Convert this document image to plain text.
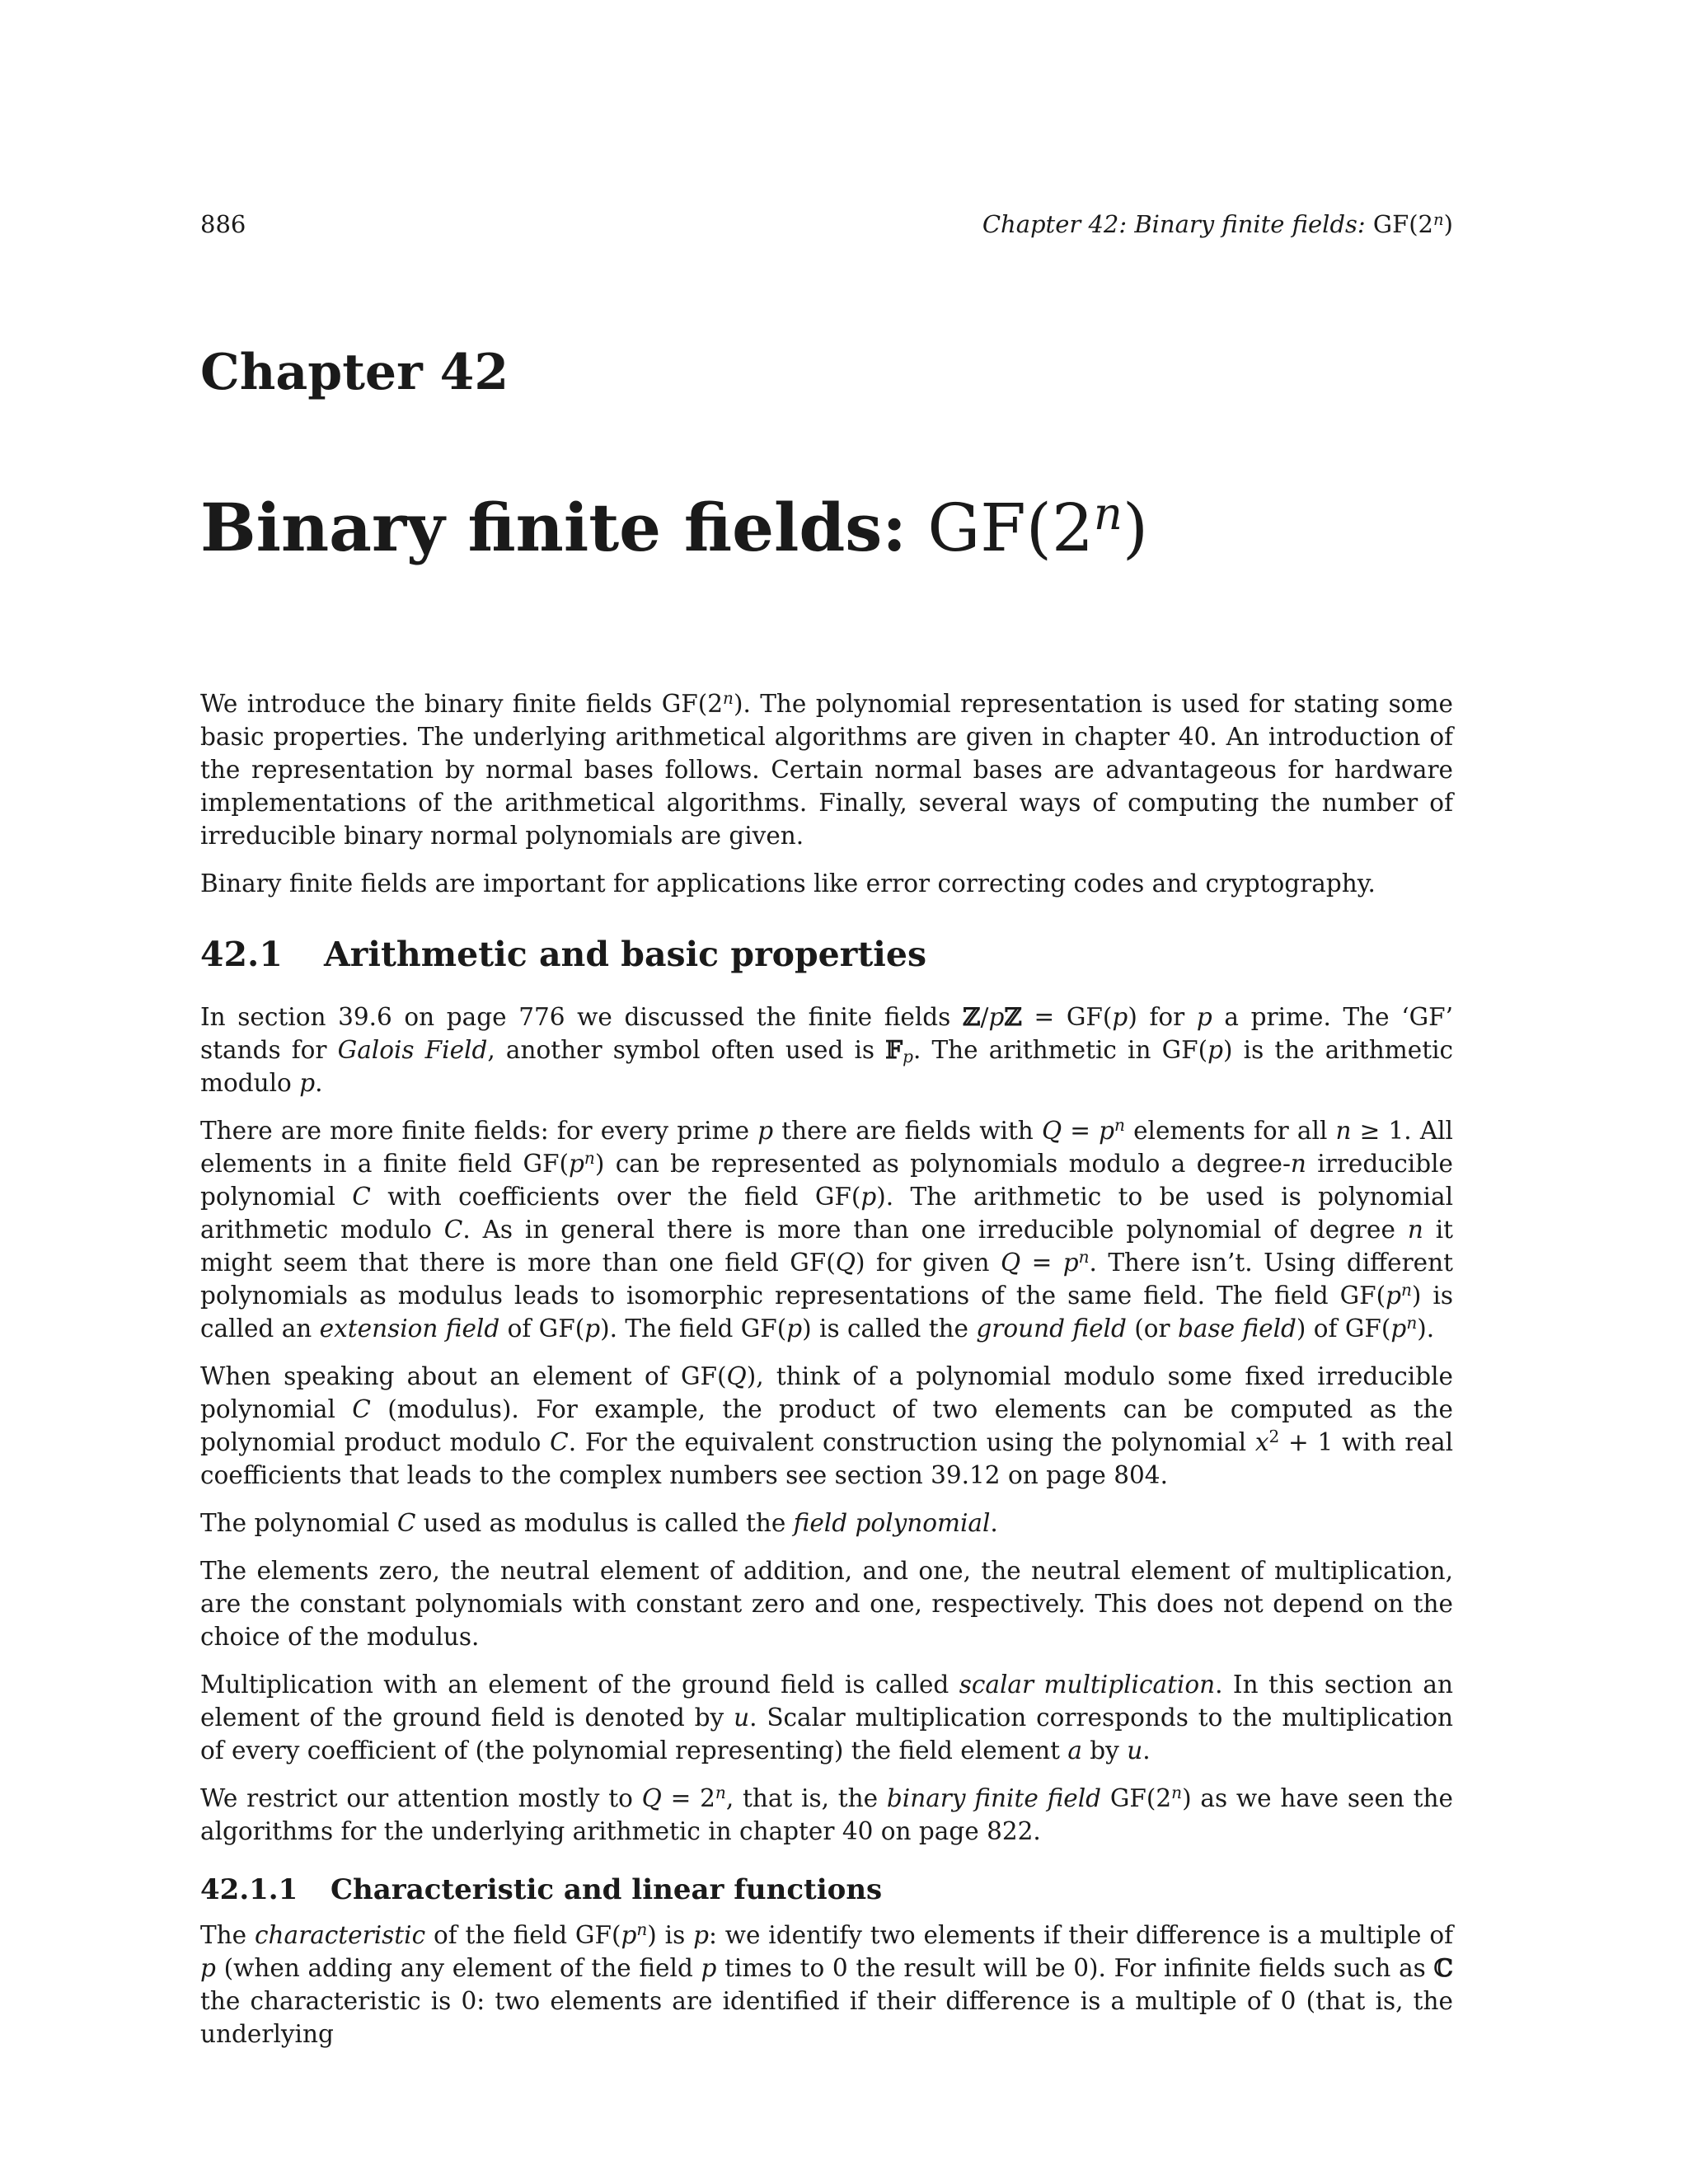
886	Chapter 42: Binary finite fields: GF(2$^n$)
Chapter 42
Binary finite fields: GF(2$^n$)

We introduce the binary finite fields GF(2$^n$). The polynomial representation is used for stating some basic properties. The underlying arithmetical algorithms are given in chapter 40. An introduction of the representation by normal bases follows. Certain normal bases are advantageous for hardware implementations of the arithmetical algorithms. Finally, several ways of computing the number of irreducible binary normal polynomials are given.

Binary finite fields are important for applications like error correcting codes and cryptography.

42.1 Arithmetic and basic properties

In section 39.6 on page 776 we discussed the finite fields ℤ/pℤ = GF(p) for p a prime. The ‘GF’ stands for Galois Field, another symbol often used is 𝔽$_p$. The arithmetic in GF(p) is the arithmetic modulo p.

There are more finite fields: for every prime p there are fields with $Q = p^n$ elements for all n ≥ 1. All elements in a finite field $GF(p^n)$ can be represented as polynomials modulo a degree-n irreducible polynomial C with coefficients over the field GF(p). The arithmetic to be used is polynomial arithmetic modulo C. As in general there is more than one irreducible polynomial of degree n it might seem that there is more than one field GF(Q) for given $Q = p^n$. There isn’t. Using different polynomials as modulus leads to isomorphic representations of the same field. The field $GF(p^n)$ is called an extension field of GF(p). The field GF(p) is called the ground field (or base field) of $GF(p^n)$.

When speaking about an element of GF(Q), think of a polynomial modulo some fixed irreducible polynomial C (modulus). For example, the product of two elements can be computed as the polynomial product modulo C. For the equivalent construction using the polynomial $x^2 + 1$ with real coefficients that leads to the complex numbers see section 39.12 on page 804.

The polynomial C used as modulus is called the field polynomial.

The elements zero, the neutral element of addition, and one, the neutral element of multiplication, are the constant polynomials with constant zero and one, respectively. This does not depend on the choice of the modulus.

Multiplication with an element of the ground field is called scalar multiplication. In this section an element of the ground field is denoted by u. Scalar multiplication corresponds to the multiplication of every coefficient of (the polynomial representing) the field element a by u.

We restrict our attention mostly to $Q = 2^n$, that is, the binary finite field GF(2$^n$) as we have seen the algorithms for the underlying arithmetic in chapter 40 on page 822.

42.1.1 Characteristic and linear functions

The characteristic of the field $GF(p^n)$ is p: we identify two elements if their difference is a multiple of p (when adding any element of the field p times to 0 the result will be 0). For infinite fields such as ℂ the characteristic is 0: two elements are identified if their difference is a multiple of 0 (that is, the underlying
